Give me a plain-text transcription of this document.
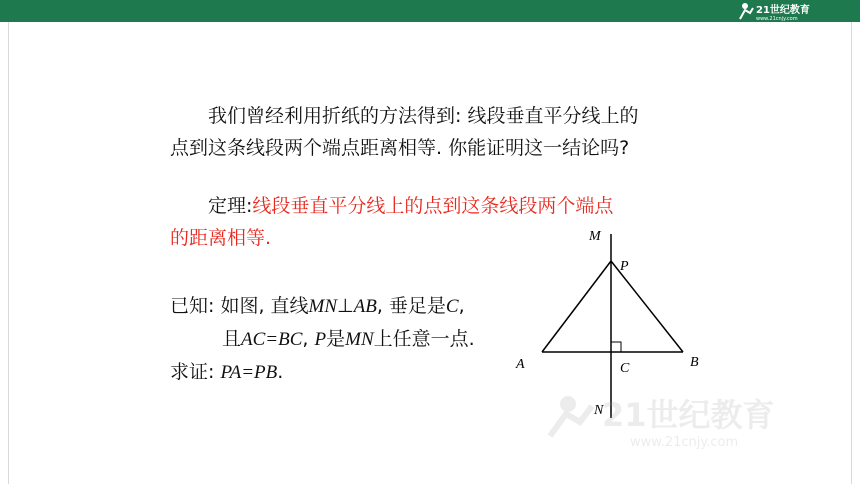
21世纪教育
www.21cnjy.com
我们曾经利用折纸的方法得到: 线段垂直平分线上的
点到这条线段两个端点距离相等. 你能证明这一结论吗?
定理:线段垂直平分线上的点到这条线段两个端点
的距离相等.
已知: 如图, 直线MN⊥AB, 垂足是C,
且AC=BC, P是MN上任意一点.
求证: PA=PB.
M
P
A	B
C
N
21世纪教育
www.21cnjy.com
